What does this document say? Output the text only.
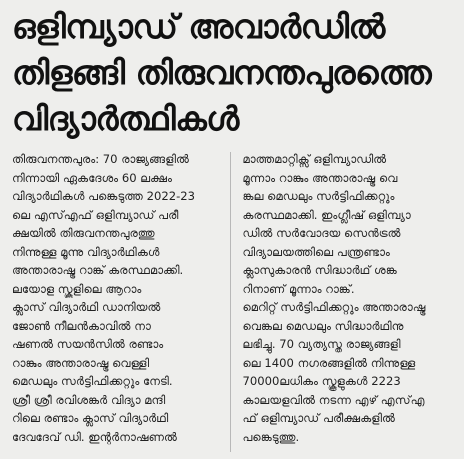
ഒളിമ്പ്യാഡ് അവാർഡിൽ
തിളങ്ങി തിരുവനന്തപുരത്തെ
വിദ്യാർത്ഥികൾ
തിരുവനന്തപുരം: 70 രാജ്യങ്ങളിൽ
നിന്നായി ഏകദേശം 60 ലക്ഷം
വിദ്യാർഥികൾ പങ്കെടുത്ത 2022-23
ലെ എസ്എഫ് ഒളിമ്പ്യാഡ് പരീ
ക്ഷയിൽ തിരുവനന്തപുരത്തു
നിന്നുള്ള മൂന്നു വിദ്യാർഥികൾ
അന്താരാഷ്ട്ര റാങ്ക് കരസ്ഥമാക്കി.
ലയോള സ്കൂളിലെ ആറാം
ക്ലാസ് വിദ്യാർഥി ഡാനിയൽ
ജോൺ നീലൻകാവിൽ നാ
ഷണൽ സയൻസിൽ രണ്ടാം
റാങ്കും അന്താരാഷ്ട്ര വെള്ളി
മെഡലും സർട്ടിഫിക്കറ്റും നേടി.
ശ്രീ ശ്രീ രവിശങ്കർ വിദ്യാ മന്ദി
റിലെ രണ്ടാം ക്ലാസ് വിദ്യാർഥി
ദേവദേവ് ഡി. ഇന്റർനാഷണൽ
മാത്തമാറ്റിക്സ് ഒളിമ്പ്യാഡിൽ
മൂന്നാം റാങ്കും അന്താരാഷ്ട്ര വെ
ങ്കല മെഡലും സർട്ടിഫിക്കറ്റും
കരസ്ഥമാക്കി. ഇംഗ്ലീഷ് ഒളിമ്പ്യാ
ഡിൽ സർവോദയ സെൻട്രൽ
വിദ്യാലയത്തിലെ പന്ത്രണ്ടാം
ക്ലാസുകാരൻ സിദ്ധാർഥ് ശങ്ക
റിനാണ് മൂന്നാം റാങ്ക്.
മെറിറ്റ് സർട്ടിഫിക്കറ്റും അന്താരാഷ്ട്ര
വെങ്കല മെഡലും സിദ്ധാർഥിനു
ലഭിച്ചു. 70 വ്യത്യസ്ത രാജ്യങ്ങളി
ലെ 1400 നഗരങ്ങളിൽ നിന്നുള്ള
70000ലധികം സ്കൂളുകൾ 2223
കാലയളവിൽ നടന്ന എഴ് എസ്എ
ഫ് ഒളിമ്പ്യാഡ് പരീക്ഷകളിൽ
പങ്കെടുത്തു.
